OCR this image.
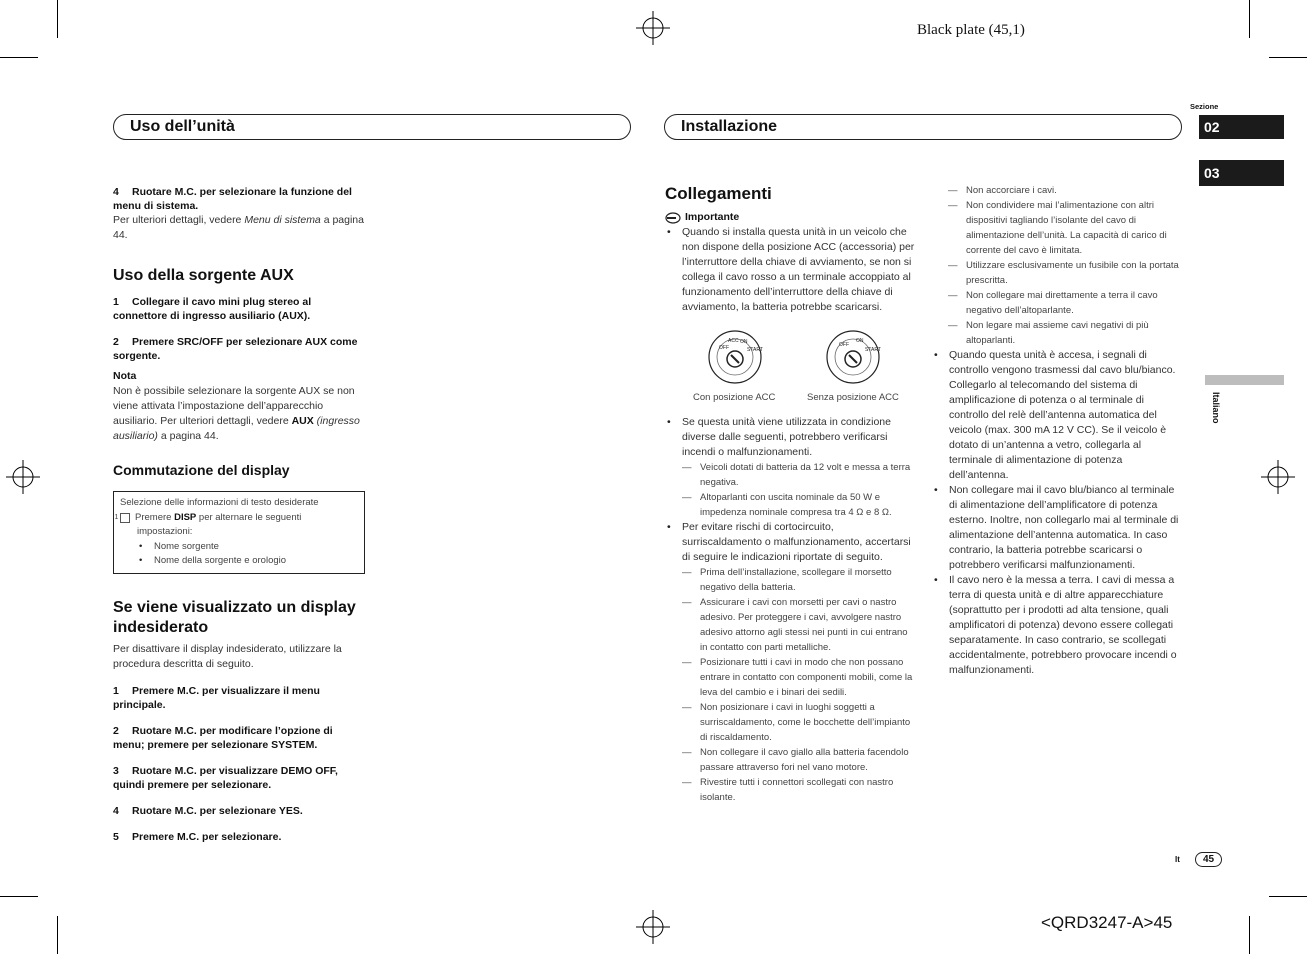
Black plate (45,1)
Uso dell’unità	Installazione
Sezione
02
03
Italiano
4 Ruotare M.C. per selezionare la funzione del menu di sistema.

Per ulteriori dettagli, vedere Menu di sistema a pagina 44.

Uso della sorgente AUX
1 Collegare il cavo mini plug stereo al connettore di ingresso ausiliario (AUX).
2 Premere SRC/OFF per selezionare AUX come sorgente.
Nota

Non è possibile selezionare la sorgente AUX se non viene attivata l’impostazione dell’apparecchio ausiliario. Per ulteriori dettagli, vedere AUX (ingresso ausiliario) a pagina 44.

Commutazione del display
Selezione delle informazioni di testo desiderate
1 Premere DISP per alternare le seguenti impostazioni:
• Nome sorgente
• Nome della sorgente e orologio
Se viene visualizzato un display indesiderato

Per disattivare il display indesiderato, utilizzare la procedura descritta di seguito.

1 Premere M.C. per visualizzare il menu principale.
2 Ruotare M.C. per modificare l’opzione di menu; premere per selezionare SYSTEM.
3 Ruotare M.C. per visualizzare DEMO OFF, quindi premere per selezionare.
4 Ruotare M.C. per selezionare YES.
5 Premere M.C. per selezionare.
Collegamenti
Importante
• Quando si installa questa unità in un veicolo che non dispone della posizione ACC (accessoria) per l’interruttore della chiave di avviamento, se non si collega il cavo rosso a un terminale accoppiato al funzionamento dell’interruttore della chiave di avviamento, la batteria potrebbe scaricarsi.
OFF
ACC ON
START
OFF
ON
START
Con posizione ACC	Senza posizione ACC
• Se questa unità viene utilizzata in condizione diverse dalle seguenti, potrebbero verificarsi incendi o malfunzionamenti.
— Veicoli dotati di batteria da 12 volt e messa a terra negativa.
— Altoparlanti con uscita nominale da 50 W e impedenza nominale compresa tra 4 Ω e 8 Ω.
• Per evitare rischi di cortocircuito, surriscaldamento o malfunzionamento, accertarsi di seguire le indicazioni riportate di seguito.
— Prima dell’installazione, scollegare il morsetto negativo della batteria.
— Assicurare i cavi con morsetti per cavi o nastro adesivo. Per proteggere i cavi, avvolgere nastro adesivo attorno agli stessi nei punti in cui entrano in contatto con parti metalliche.
— Posizionare tutti i cavi in modo che non possano entrare in contatto con componenti mobili, come la leva del cambio e i binari dei sedili.
— Non posizionare i cavi in luoghi soggetti a surriscaldamento, come le bocchette dell’impianto di riscaldamento.
— Non collegare il cavo giallo alla batteria facendolo passare attraverso fori nel vano motore.
— Rivestire tutti i connettori scollegati con nastro isolante.
— Non accorciare i cavi.
— Non condividere mai l’alimentazione con altri dispositivi tagliando l’isolante del cavo di alimentazione dell’unità. La capacità di carico di corrente del cavo è limitata.
— Utilizzare esclusivamente un fusibile con la portata prescritta.
— Non collegare mai direttamente a terra il cavo negativo dell’altoparlante.
— Non legare mai assieme cavi negativi di più altoparlanti.
• Quando questa unità è accesa, i segnali di controllo vengono trasmessi dal cavo blu/bianco. Collegarlo al telecomando del sistema di amplificazione di potenza o al terminale di controllo del relè dell’antenna automatica del veicolo (max. 300 mA 12 V CC). Se il veicolo è dotato di un’antenna a vetro, collegarla al terminale di alimentazione di potenza dell’antenna.
• Non collegare mai il cavo blu/bianco al terminale di alimentazione dell’amplificatore di potenza esterno. Inoltre, non collegarlo mai al terminale di alimentazione dell’antenna automatica. In caso contrario, la batteria potrebbe scaricarsi o potrebbero verificarsi malfunzionamenti.
• Il cavo nero è la messa a terra. I cavi di messa a terra di questa unità e di altre apparecchiature (soprattutto per i prodotti ad alta tensione, quali amplificatori di potenza) devono essere collegati separatamente. In caso contrario, se scollegati accidentalmente, potrebbero provocare incendi o malfunzionamenti.
It	45
<QRD3247-A>45
